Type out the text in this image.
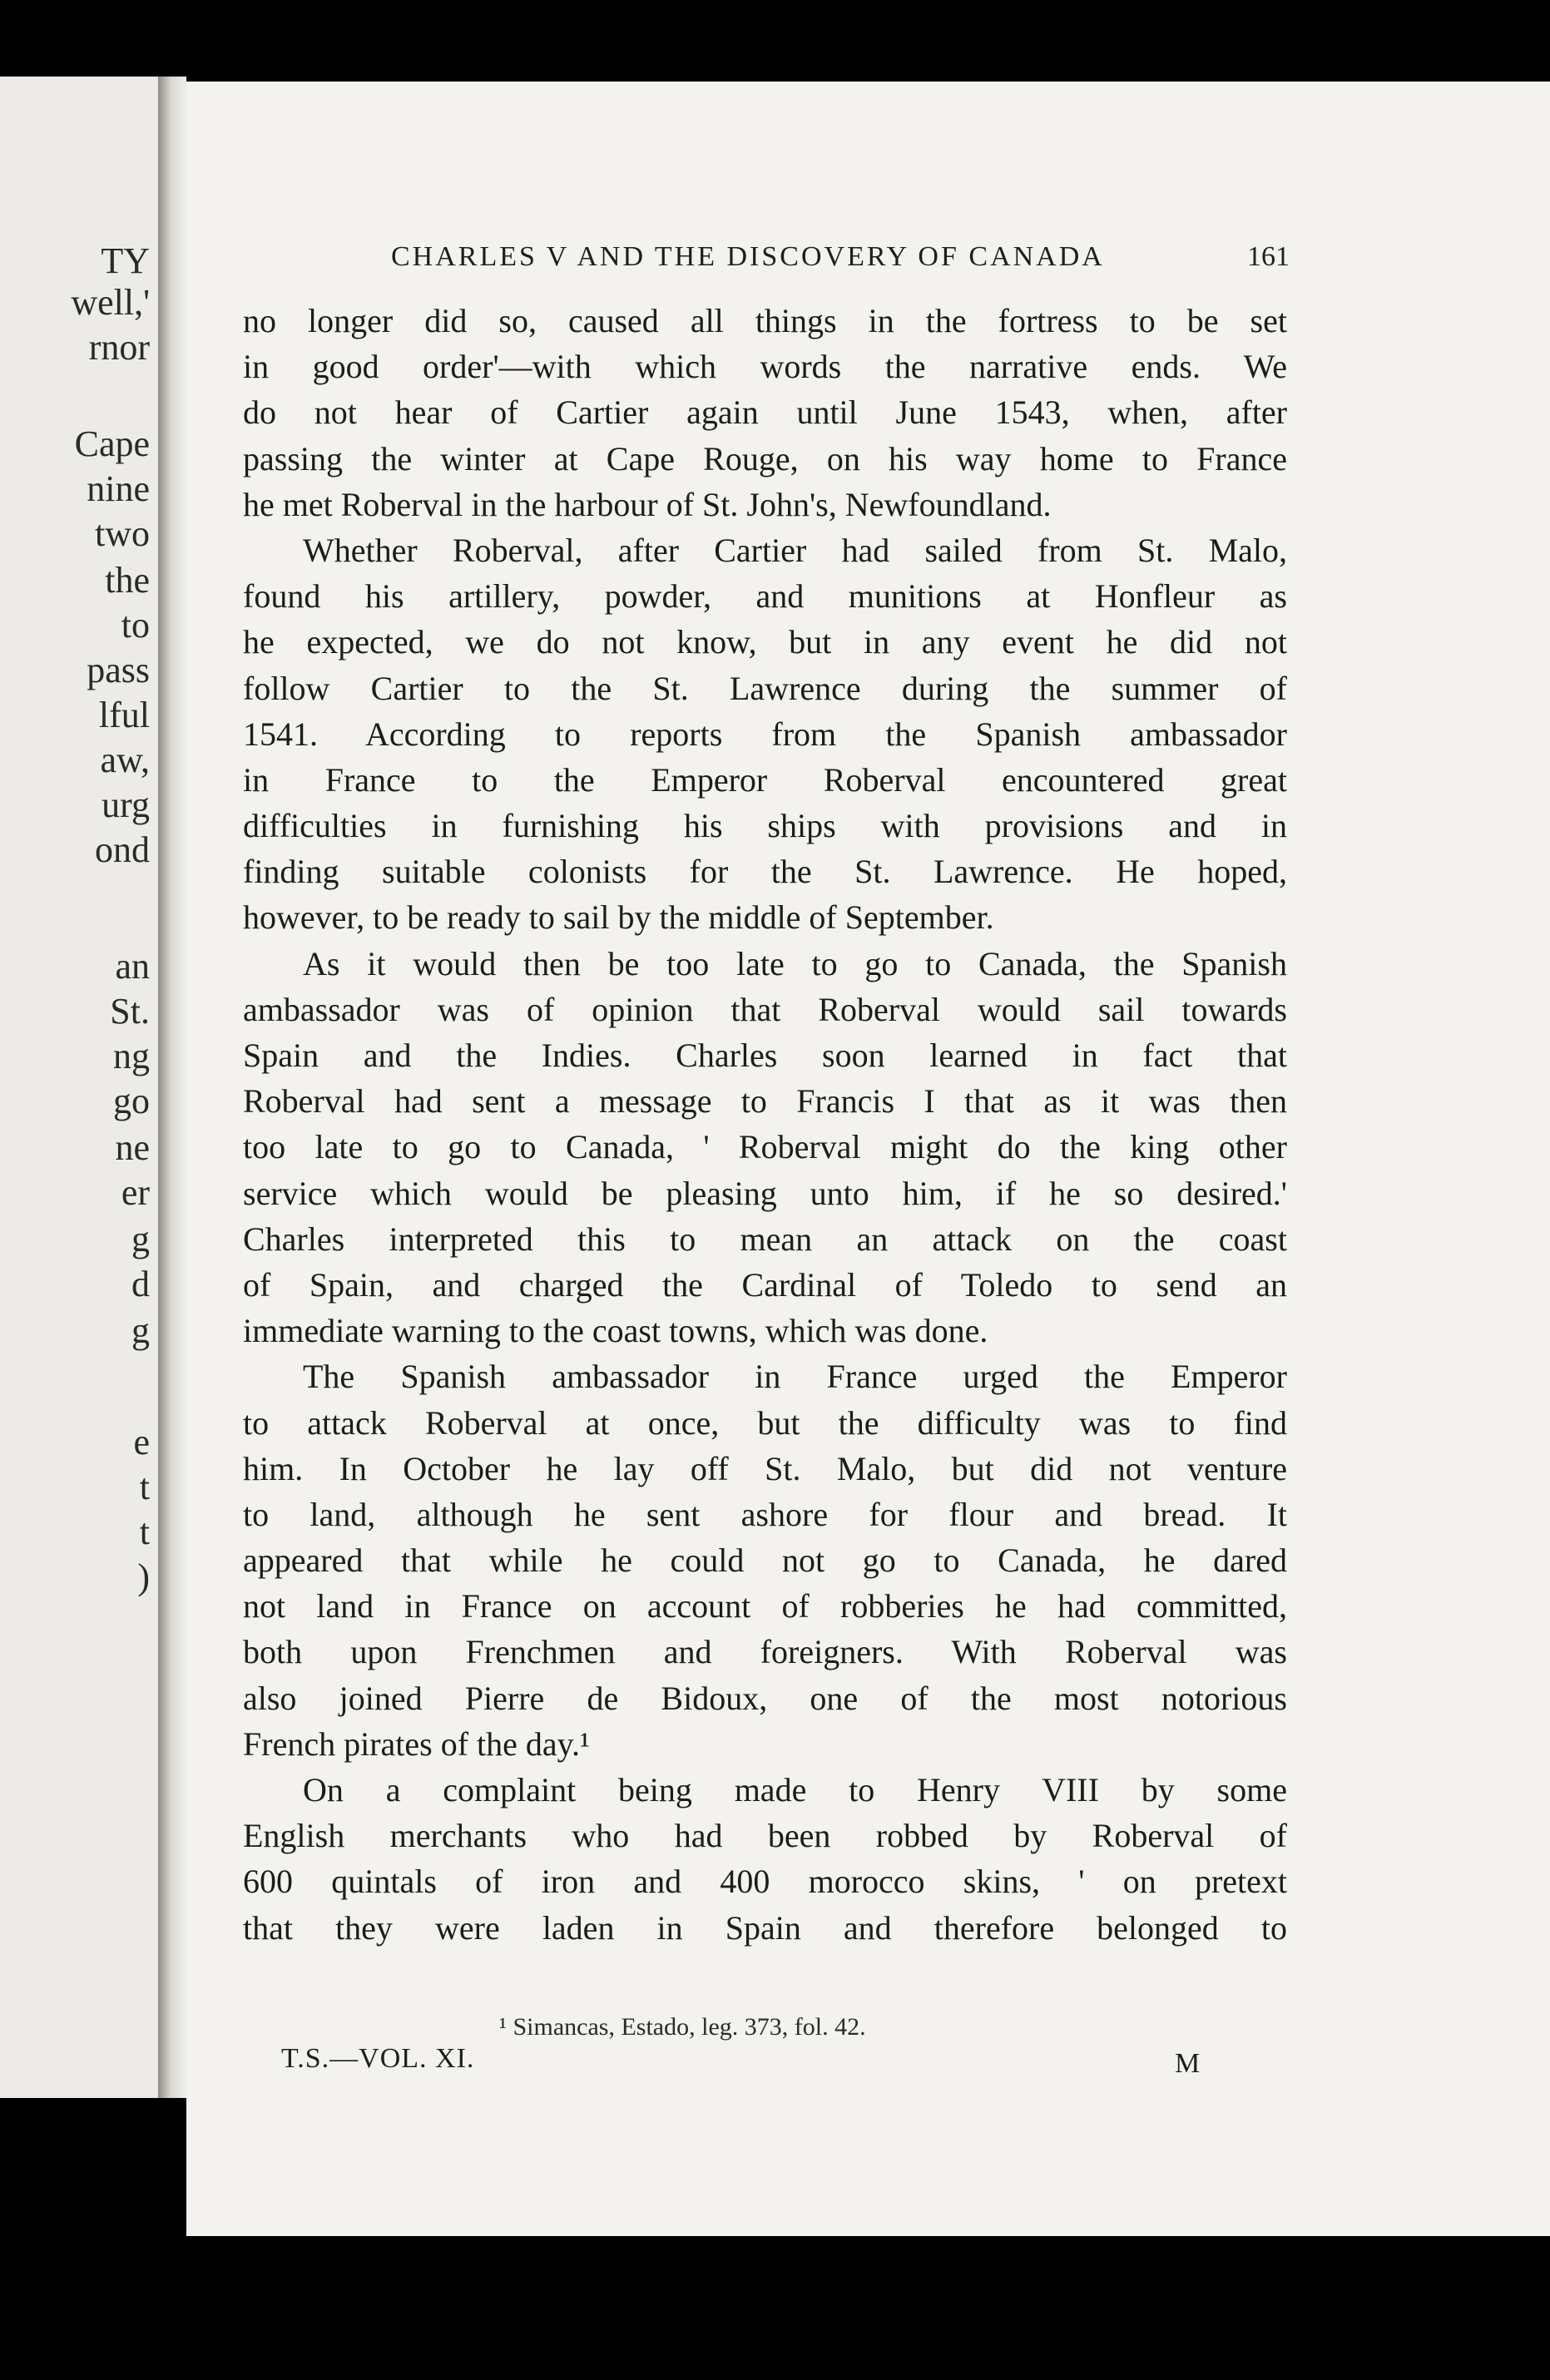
TY
well,'
rnor
Cape
nine
two
the
to
pass
lful
aw,
urg
ond
an
St.
ng
go
ne
er
g
d
g
e
t
t
)
CHARLES V AND THE DISCOVERY OF CANADA	161
no longer did so, caused all things in the fortress to be set
in good order'—with which words the narrative ends. We
do not hear of Cartier again until June 1543, when, after
passing the winter at Cape Rouge, on his way home to France
he met Roberval in the harbour of St. John's, Newfoundland.
Whether Roberval, after Cartier had sailed from St. Malo,
found his artillery, powder, and munitions at Honfleur as
he expected, we do not know, but in any event he did not
follow Cartier to the St. Lawrence during the summer of
1541. According to reports from the Spanish ambassador
in France to the Emperor Roberval encountered great
difficulties in furnishing his ships with provisions and in
finding suitable colonists for the St. Lawrence. He hoped,
however, to be ready to sail by the middle of September.
As it would then be too late to go to Canada, the Spanish
ambassador was of opinion that Roberval would sail towards
Spain and the Indies. Charles soon learned in fact that
Roberval had sent a message to Francis I that as it was then
too late to go to Canada, ' Roberval might do the king other
service which would be pleasing unto him, if he so desired.'
Charles interpreted this to mean an attack on the coast
of Spain, and charged the Cardinal of Toledo to send an
immediate warning to the coast towns, which was done.
The Spanish ambassador in France urged the Emperor
to attack Roberval at once, but the difficulty was to find
him. In October he lay off St. Malo, but did not venture
to land, although he sent ashore for flour and bread. It
appeared that while he could not go to Canada, he dared
not land in France on account of robberies he had committed,
both upon Frenchmen and foreigners. With Roberval was
also joined Pierre de Bidoux, one of the most notorious
French pirates of the day.¹
On a complaint being made to Henry VIII by some
English merchants who had been robbed by Roberval of
600 quintals of iron and 400 morocco skins, ' on pretext
that they were laden in Spain and therefore belonged to
¹ Simancas, Estado, leg. 373, fol. 42.
T.S.—VOL. XI.	M
